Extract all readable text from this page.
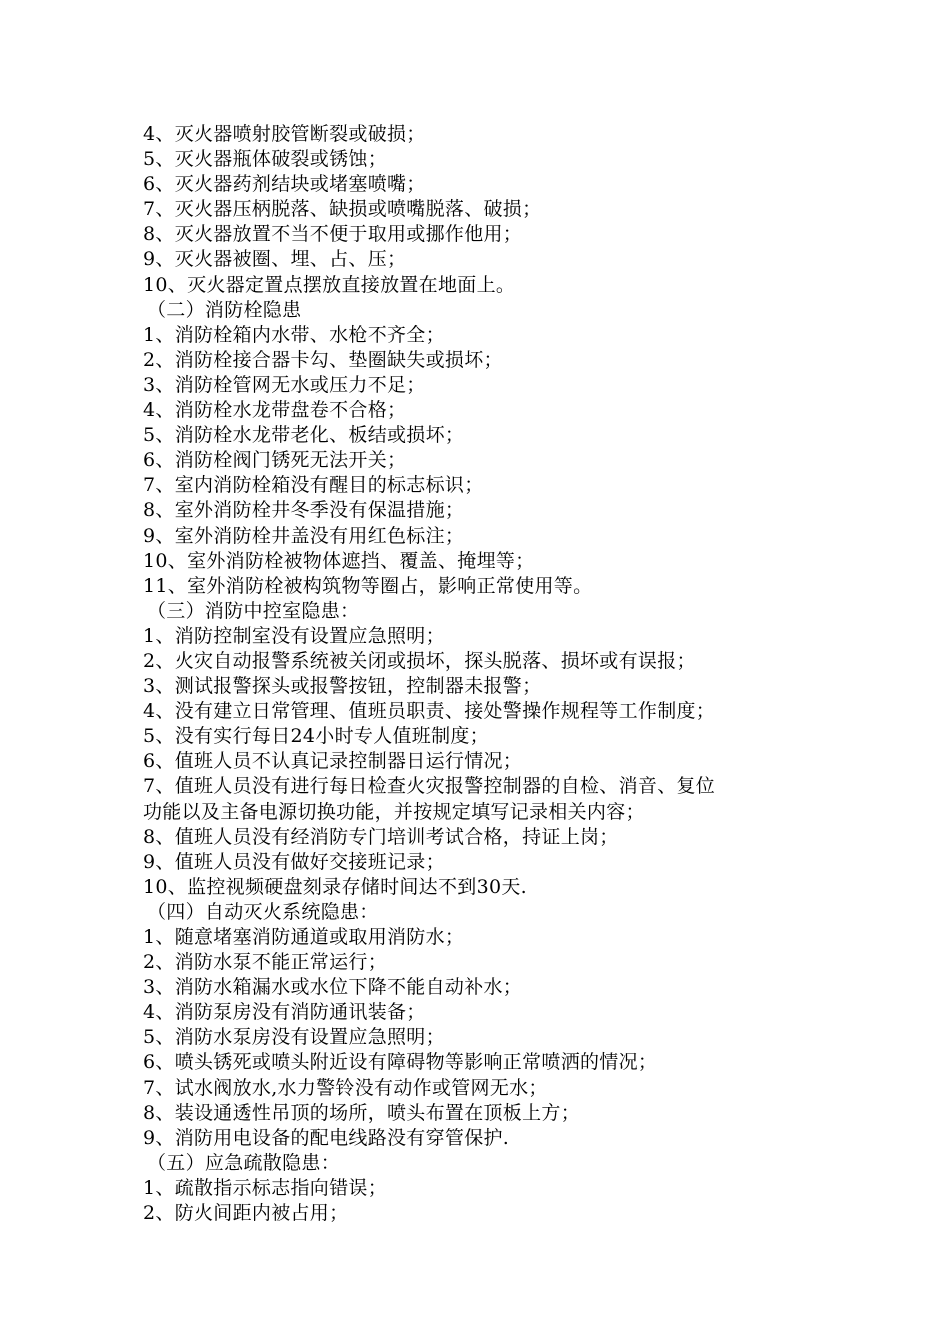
4、灭火器喷射胶管断裂或破损；
5、灭火器瓶体破裂或锈蚀；
6、灭火器药剂结块或堵塞喷嘴；
7、灭火器压柄脱落、缺损或喷嘴脱落、破损；
8、灭火器放置不当不便于取用或挪作他用；
9、灭火器被圈、埋、占、压；
10、灭火器定置点摆放直接放置在地面上。
（二）消防栓隐患
1、消防栓箱内水带、水枪不齐全；
2、消防栓接合器卡勾、垫圈缺失或损坏；
3、消防栓管网无水或压力不足；
4、消防栓水龙带盘卷不合格；
5、消防栓水龙带老化、板结或损坏；
6、消防栓阀门锈死无法开关；
7、室内消防栓箱没有醒目的标志标识；
8、室外消防栓井冬季没有保温措施；
9、室外消防栓井盖没有用红色标注；
10、室外消防栓被物体遮挡、覆盖、掩埋等；
11、室外消防栓被构筑物等圈占，影响正常使用等。
（三）消防中控室隐患：
1、消防控制室没有设置应急照明；
2、火灾自动报警系统被关闭或损坏，探头脱落、损坏或有误报；
3、测试报警探头或报警按钮，控制器未报警；
4、没有建立日常管理、值班员职责、接处警操作规程等工作制度；
5、没有实行每日24小时专人值班制度；
6、值班人员不认真记录控制器日运行情况；
7、值班人员没有进行每日检查火灾报警控制器的自检、消音、复位
功能以及主备电源切换功能，并按规定填写记录相关内容；
8、值班人员没有经消防专门培训考试合格，持证上岗；
9、值班人员没有做好交接班记录；
10、监控视频硬盘刻录存储时间达不到30天.
（四）自动灭火系统隐患：
1、随意堵塞消防通道或取用消防水；
2、消防水泵不能正常运行；
3、消防水箱漏水或水位下降不能自动补水；
4、消防泵房没有消防通讯装备；
5、消防水泵房没有设置应急照明；
6、喷头锈死或喷头附近设有障碍物等影响正常喷洒的情况；
7、试水阀放水,水力警铃没有动作或管网无水；
8、装设通透性吊顶的场所，喷头布置在顶板上方；
9、消防用电设备的配电线路没有穿管保护.
（五）应急疏散隐患：
1、疏散指示标志指向错误；
2、防火间距内被占用；
